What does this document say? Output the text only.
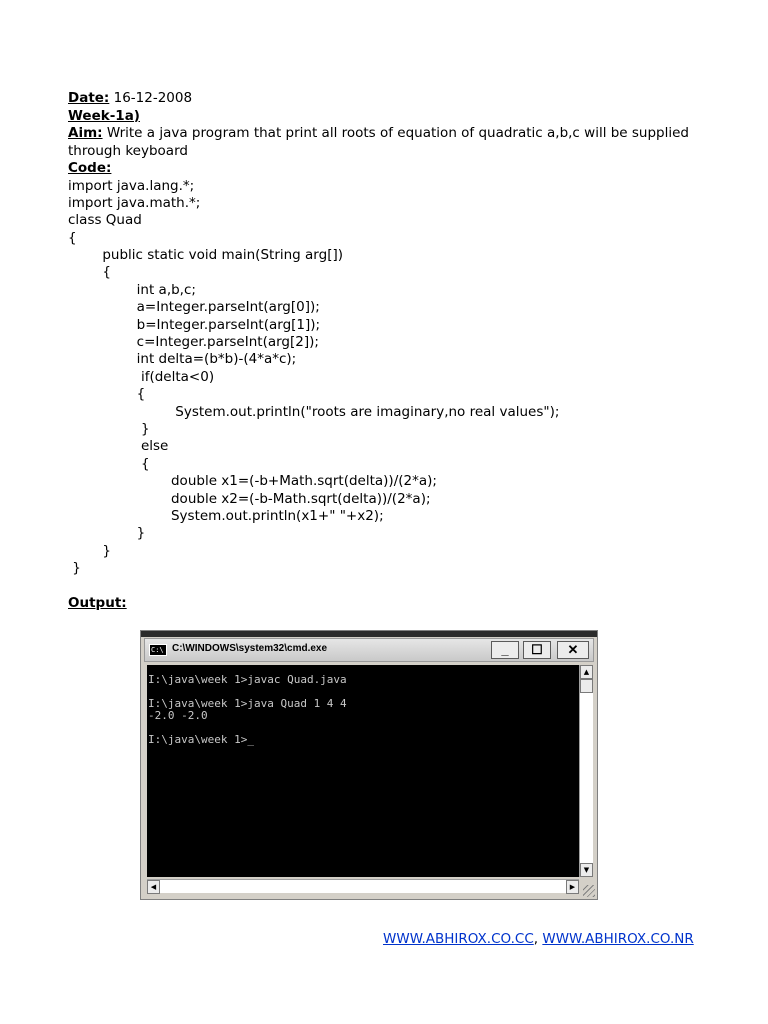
Date: 16-12-2008
Week-1a)
Aim: Write a java program that print all roots of equation of quadratic a,b,c will be supplied
through keyboard
Code:
import java.lang.*;
import java.math.*;
class Quad
{
public static void main(String arg[])
{
int a,b,c;
a=Integer.parseInt(arg[0]);
b=Integer.parseInt(arg[1]);
c=Integer.parseInt(arg[2]);
int delta=(b*b)-(4*a*c);
if(delta<0)
{
System.out.println("roots are imaginary,no real values");
}
else
{
double x1=(-b+Math.sqrt(delta))/(2*a);
double x2=(-b-Math.sqrt(delta))/(2*a);
System.out.println(x1+" "+x2);
}
}
}
Output:
C:\ C:\WINDOWS\system32\cmd.exe	_	☐	✕
I:\java\week 1>javac Quad.java
I:\java\week 1>java Quad 1 4 4
-2.0 -2.0
I:\java\week 1>_
▲
▼
◀	▶
WWW.ABHIROX.CO.CC, WWW.ABHIROX.CO.NR
